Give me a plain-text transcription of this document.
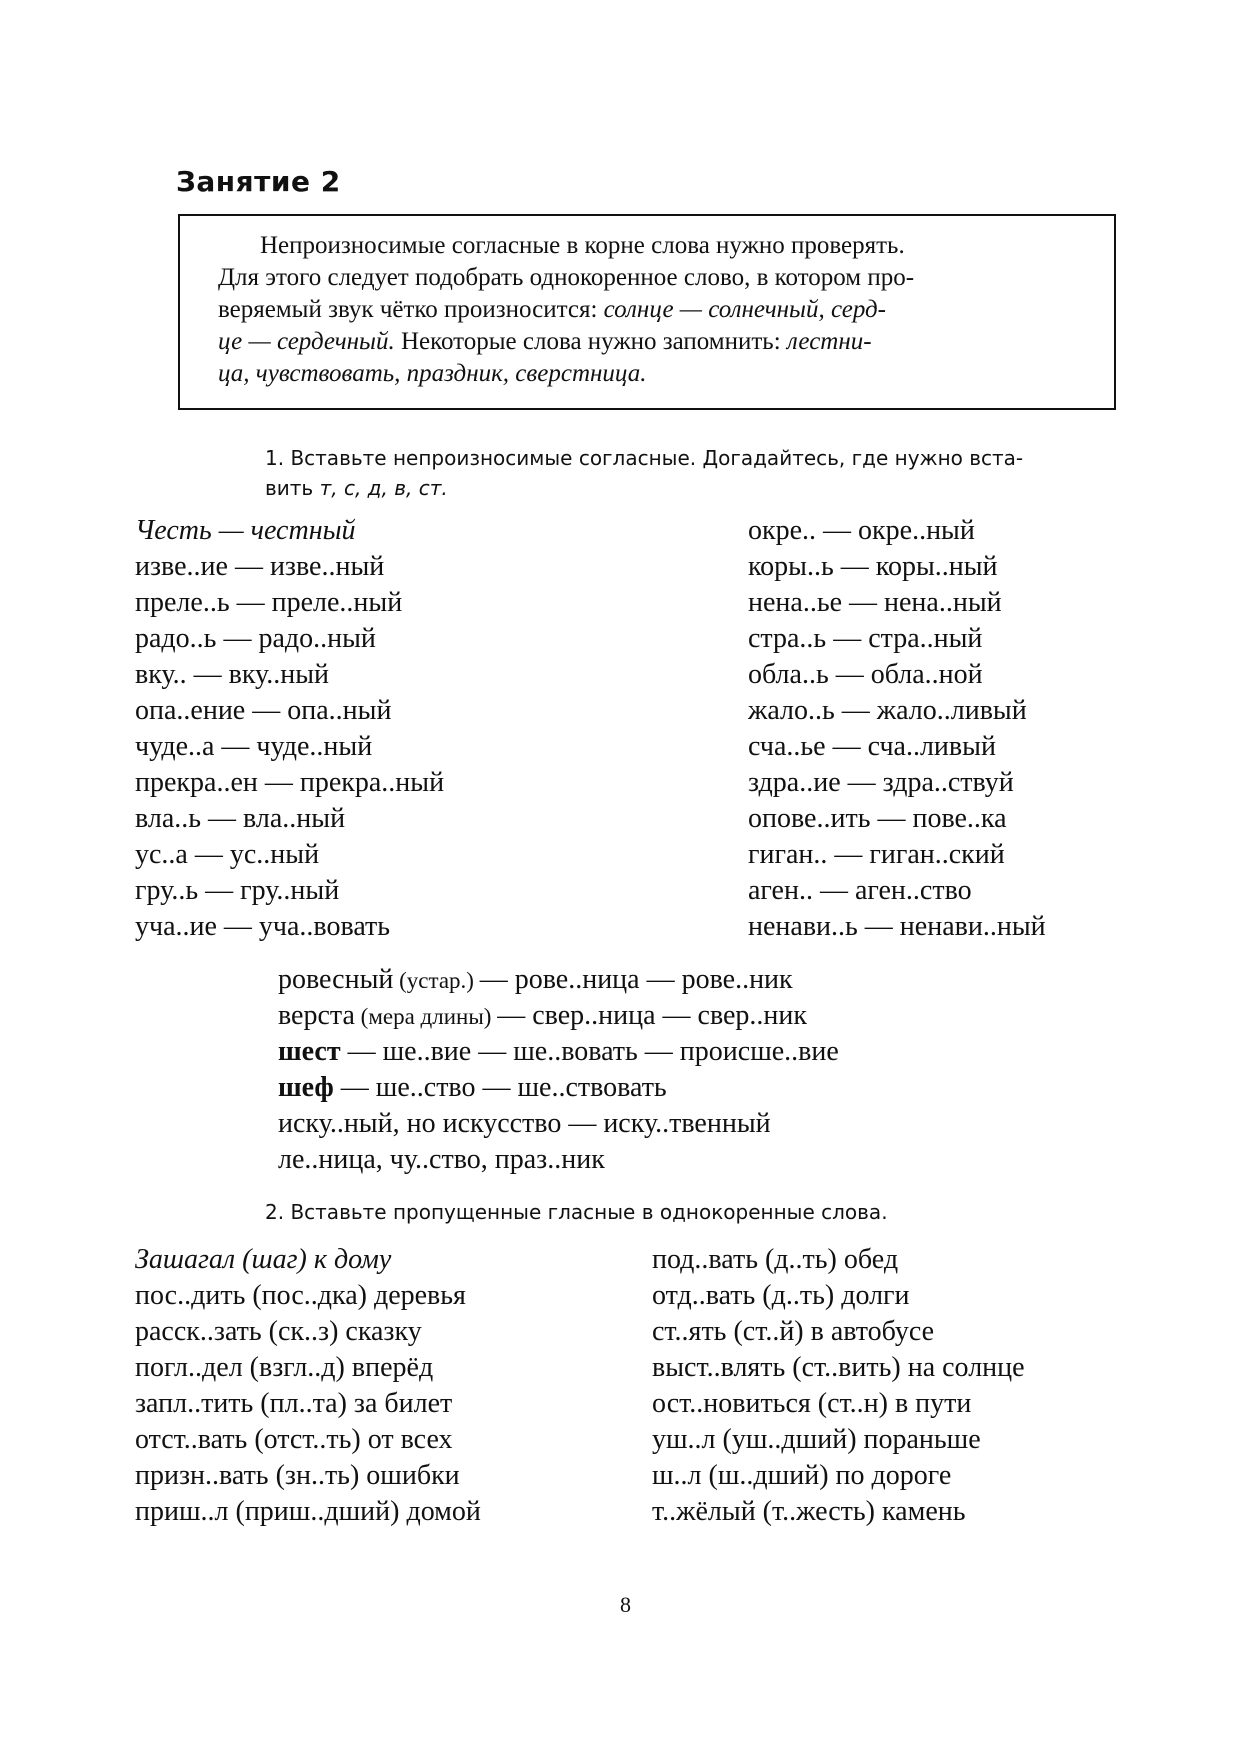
Занятие 2
Непроизносимые согласные в корне слова нужно проверять.
Для этого следует подобрать однокоренное слово, в котором про-
веряемый звук чётко произносится: солнце — солнечный, серд-
це — сердечный. Некоторые слова нужно запомнить: лестни-
ца, чувствовать, праздник, сверстница.
1. Вставьте непроизносимые согласные. Догадайтесь, где нужно вста-
вить т, с, д, в, ст.
Честь — честный
изве..ие — изве..ный
преле..ь — преле..ный
радо..ь — радо..ный
вку.. — вку..ный
опа..ение — опа..ный
чуде..а — чуде..ный
прекра..ен — прекра..ный
вла..ь — вла..ный
ус..а — ус..ный
гру..ь — гру..ный
уча..ие — уча..вовать
окре.. — окре..ный
коры..ь — коры..ный
нена..ье — нена..ный
стра..ь — стра..ный
обла..ь — обла..ной
жало..ь — жало..ливый
сча..ье — сча..ливый
здра..ие — здра..ствуй
опове..ить — пове..ка
гиган.. — гиган..ский
аген.. — аген..ство
ненави..ь — ненави..ный
ровесный (устар.) — рове..ница — рове..ник
верста (мера длины) — свер..ница — свер..ник
шест — ше..вие — ше..вовать — происше..вие
шеф — ше..ство — ше..ствовать
иску..ный, но искусство — иску..твенный
ле..ница, чу..ство, праз..ник
2. Вставьте пропущенные гласные в однокоренные слова.
Зашагал (шаг) к дому
пос..дить (пос..дка) деревья
расск..зать (ск..з) сказку
погл..дел (взгл..д) вперёд
запл..тить (пл..та) за билет
отст..вать (отст..ть) от всех
призн..вать (зн..ть) ошибки
приш..л (приш..дший) домой
под..вать (д..ть) обед
отд..вать (д..ть) долги
ст..ять (ст..й) в автобусе
выст..влять (ст..вить) на солнце
ост..новиться (ст..н) в пути
уш..л (уш..дший) пораньше
ш..л (ш..дший) по дороге
т..жёлый (т..жесть) камень
8
